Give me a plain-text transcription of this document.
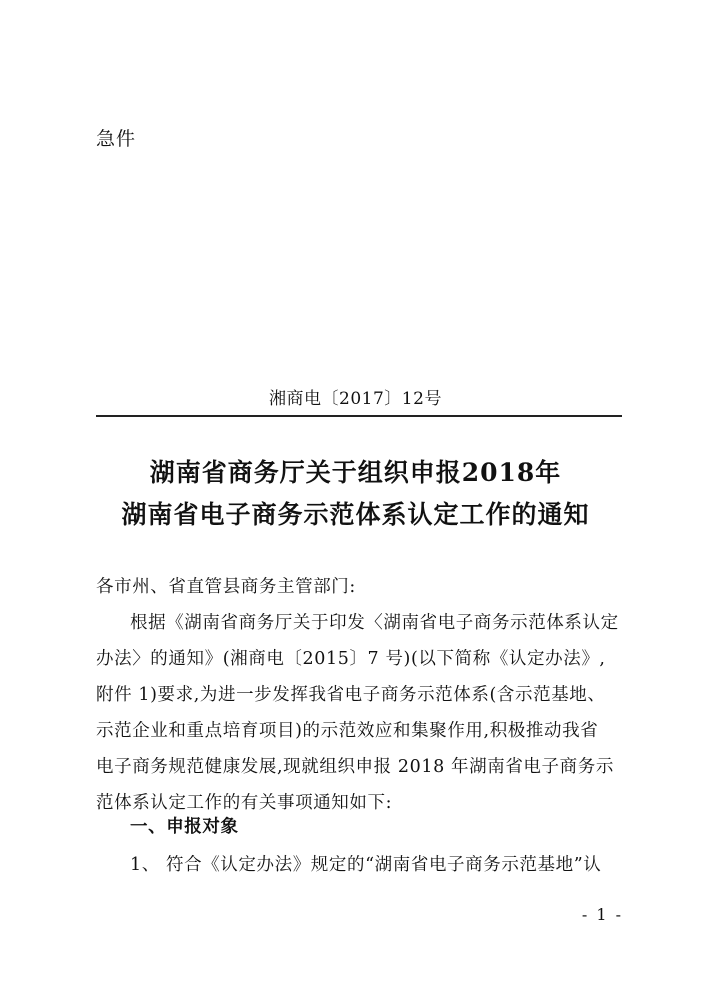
急件
湘商电〔2017〕12号
湖南省商务厅关于组织申报2018年
湖南省电子商务示范体系认定工作的通知
各市州、省直管县商务主管部门:
根据《湖南省商务厅关于印发〈湖南省电子商务示范体系认定
办法〉的通知》(湘商电〔2015〕7 号)(以下简称《认定办法》,
附件 1)要求,为进一步发挥我省电子商务示范体系(含示范基地、
示范企业和重点培育项目)的示范效应和集聚作用,积极推动我省
电子商务规范健康发展,现就组织申报 2018 年湖南省电子商务示
范体系认定工作的有关事项通知如下:
一、申报对象
1、 符合《认定办法》规定的“湖南省电子商务示范基地”认
- 1 -
